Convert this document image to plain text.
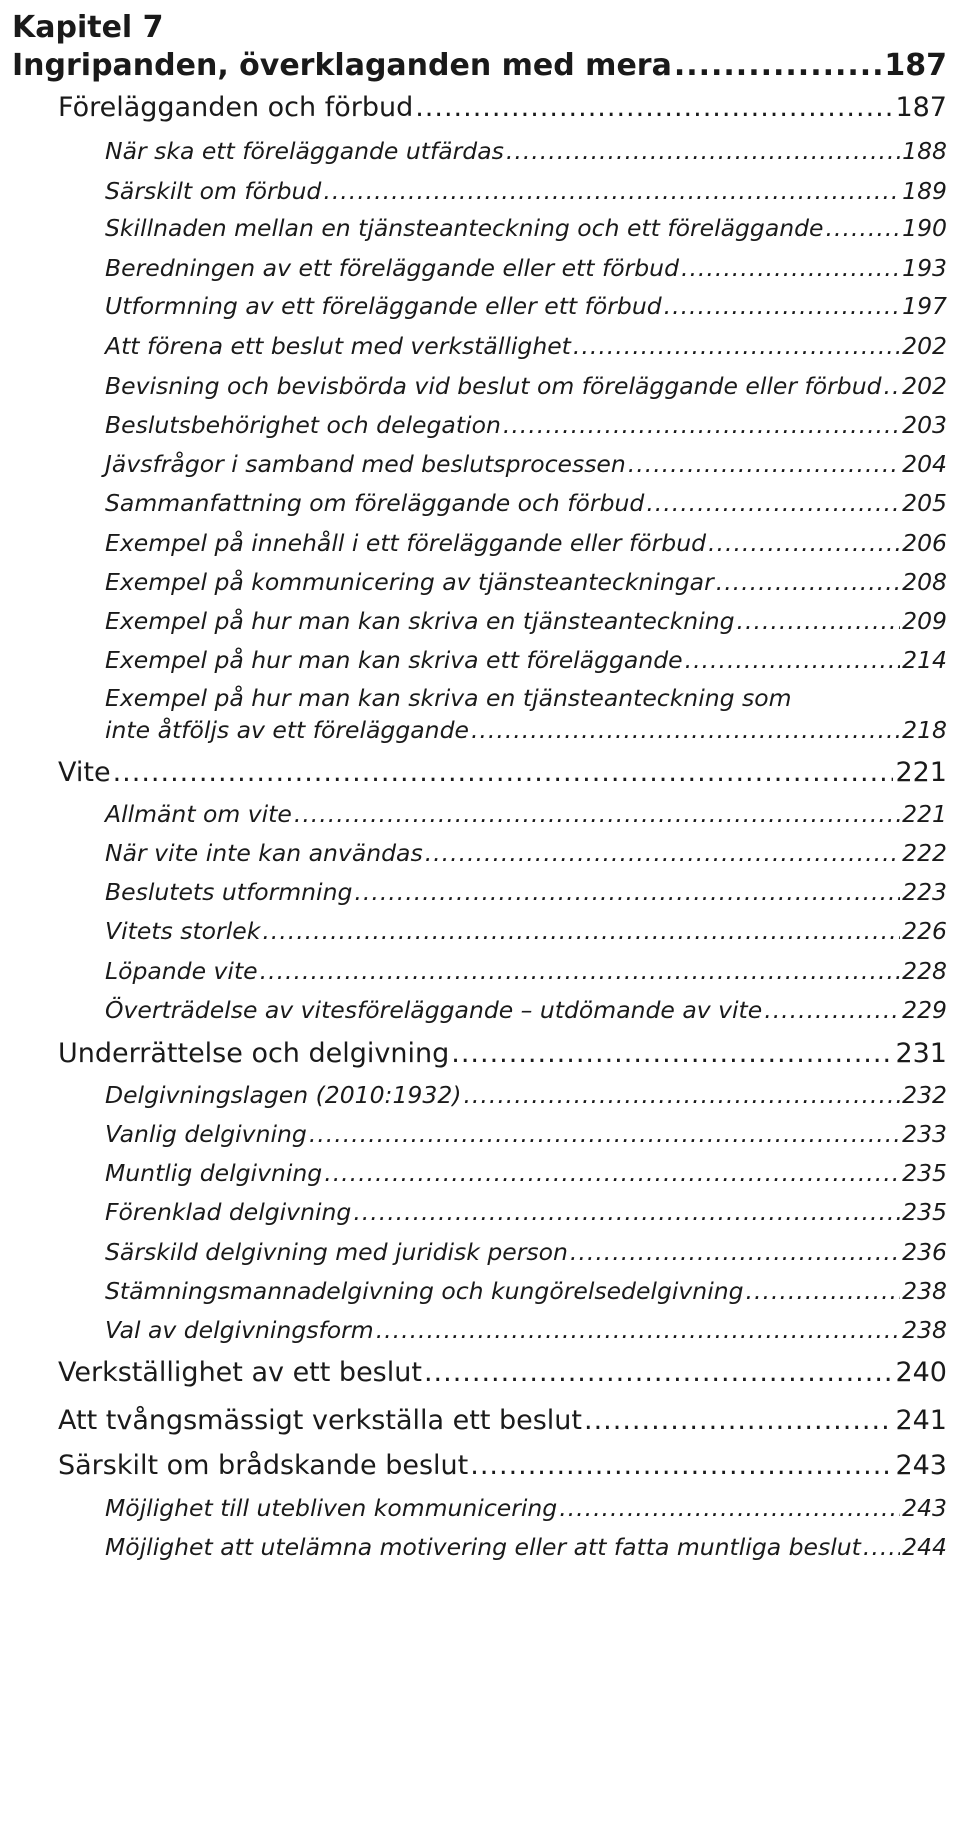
Kapitel 7
Ingripanden, överklaganden med mera .....	187
Förelägganden och förbud .....	187
När ska ett föreläggande utfärdas .....	188
Särskilt om förbud .....	189
Skillnaden mellan en tjänsteanteckning och ett föreläggande .....	190
Beredningen av ett föreläggande eller ett förbud .....	193
Utformning av ett föreläggande eller ett förbud .....	197
Att förena ett beslut med verkställighet .....	202
Bevisning och bevisbörda vid beslut om föreläggande eller förbud ..... 202
Beslutsbehörighet och delegation .....	203
Jävsfrågor i samband med beslutsprocessen .....	204
Sammanfattning om föreläggande och förbud .....	205
Exempel på innehåll i ett föreläggande eller förbud .....	206
Exempel på kommunicering av tjänsteanteckningar .....	208
Exempel på hur man kan skriva en tjänsteanteckning .....	209
Exempel på hur man kan skriva ett föreläggande .....	214
Exempel på hur man kan skriva en tjänsteanteckning som
inte åtföljs av ett föreläggande .....	218
Vite .....	221
Allmänt om vite .....	221
När vite inte kan användas .....	222
Beslutets utformning .....	223
Vitets storlek .....	226
Löpande vite .....	228
Överträdelse av vitesföreläggande – utdömande av vite .....	229
Underrättelse och delgivning .....	231
Delgivningslagen (2010:1932) .....	232
Vanlig delgivning .....	233
Muntlig delgivning .....	235
Förenklad delgivning .....	235
Särskild delgivning med juridisk person .....	236
Stämningsmannadelgivning och kungörelsedelgivning .....	238
Val av delgivningsform .....	238
Verkställighet av ett beslut .....	240
Att tvångsmässigt verkställa ett beslut .....	241
Särskilt om brådskande beslut .....	243
Möjlighet till utebliven kommunicering .....	243
Möjlighet att utelämna motivering eller att fatta muntliga beslut ..... 244
